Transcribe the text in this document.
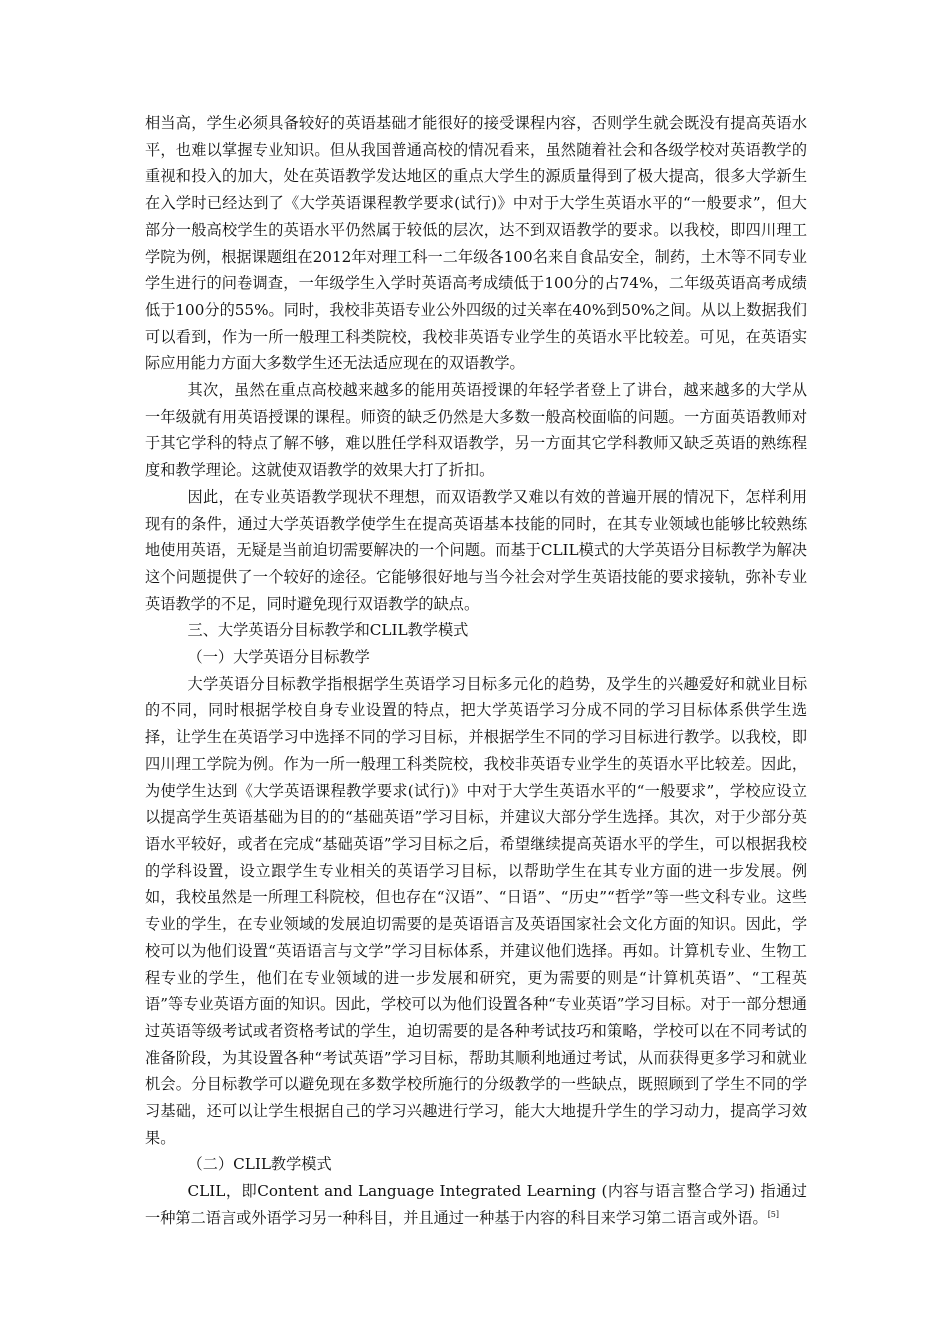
相当高，学生必须具备较好的英语基础才能很好的接受课程内容，否则学生就会既没有提高英语水平，也难以掌握专业知识。但从我国普通高校的情况看来，虽然随着社会和各级学校对英语教学的重视和投入的加大，处在英语教学发达地区的重点大学生的源质量得到了极大提高，很多大学新生在入学时已经达到了《大学英语课程教学要求(试行)》中对于大学生英语水平的“一般要求”，但大部分一般高校学生的英语水平仍然属于较低的层次，达不到双语教学的要求。以我校，即四川理工学院为例，根据课题组在2012年对理工科一二年级各100名来自食品安全，制药，土木等不同专业学生进行的问卷调查，一年级学生入学时英语高考成绩低于100分的占74%，二年级英语高考成绩低于100分的55%。同时，我校非英语专业公外四级的过关率在40%到50%之间。从以上数据我们可以看到，作为一所一般理工科类院校，我校非英语专业学生的英语水平比较差。可见，在英语实际应用能力方面大多数学生还无法适应现在的双语教学。

其次，虽然在重点高校越来越多的能用英语授课的年轻学者登上了讲台，越来越多的大学从一年级就有用英语授课的课程。师资的缺乏仍然是大多数一般高校面临的问题。一方面英语教师对于其它学科的特点了解不够，难以胜任学科双语教学，另一方面其它学科教师又缺乏英语的熟练程度和教学理论。这就使双语教学的效果大打了折扣。

因此，在专业英语教学现状不理想，而双语教学又难以有效的普遍开展的情况下，怎样利用现有的条件，通过大学英语教学使学生在提高英语基本技能的同时，在其专业领域也能够比较熟练地使用英语，无疑是当前迫切需要解决的一个问题。而基于CLIL模式的大学英语分目标教学为解决这个问题提供了一个较好的途径。它能够很好地与当今社会对学生英语技能的要求接轨，弥补专业英语教学的不足，同时避免现行双语教学的缺点。

三、大学英语分目标教学和CLIL教学模式

（一）大学英语分目标教学

大学英语分目标教学指根据学生英语学习目标多元化的趋势，及学生的兴趣爱好和就业目标的不同，同时根据学校自身专业设置的特点，把大学英语学习分成不同的学习目标体系供学生选择，让学生在英语学习中选择不同的学习目标，并根据学生不同的学习目标进行教学。以我校，即四川理工学院为例。作为一所一般理工科类院校，我校非英语专业学生的英语水平比较差。因此，为使学生达到《大学英语课程教学要求(试行)》中对于大学生英语水平的“一般要求”，学校应设立以提高学生英语基础为目的的“基础英语”学习目标，并建议大部分学生选择。其次，对于少部分英语水平较好，或者在完成“基础英语”学习目标之后，希望继续提高英语水平的学生，可以根据我校的学科设置，设立跟学生专业相关的英语学习目标，以帮助学生在其专业方面的进一步发展。例如，我校虽然是一所理工科院校，但也存在“汉语”、“日语”、“历史”“哲学”等一些文科专业。这些专业的学生，在专业领域的发展迫切需要的是英语语言及英语国家社会文化方面的知识。因此，学校可以为他们设置“英语语言与文学”学习目标体系，并建议他们选择。再如。计算机专业、生物工程专业的学生，他们在专业领域的进一步发展和研究，更为需要的则是“计算机英语”、“工程英语”等专业英语方面的知识。因此，学校可以为他们设置各种“专业英语”学习目标。对于一部分想通过英语等级考试或者资格考试的学生，迫切需要的是各种考试技巧和策略，学校可以在不同考试的准备阶段，为其设置各种“考试英语”学习目标，帮助其顺利地通过考试，从而获得更多学习和就业机会。分目标教学可以避免现在多数学校所施行的分级教学的一些缺点，既照顾到了学生不同的学习基础，还可以让学生根据自己的学习兴趣进行学习，能大大地提升学生的学习动力，提高学习效果。

（二）CLIL教学模式

CLIL，即Content and Language Integrated Learning (内容与语言整合学习) 指通过一种第二语言或外语学习另一种科目，并且通过一种基于内容的科目来学习第二语言或外语。[5]
